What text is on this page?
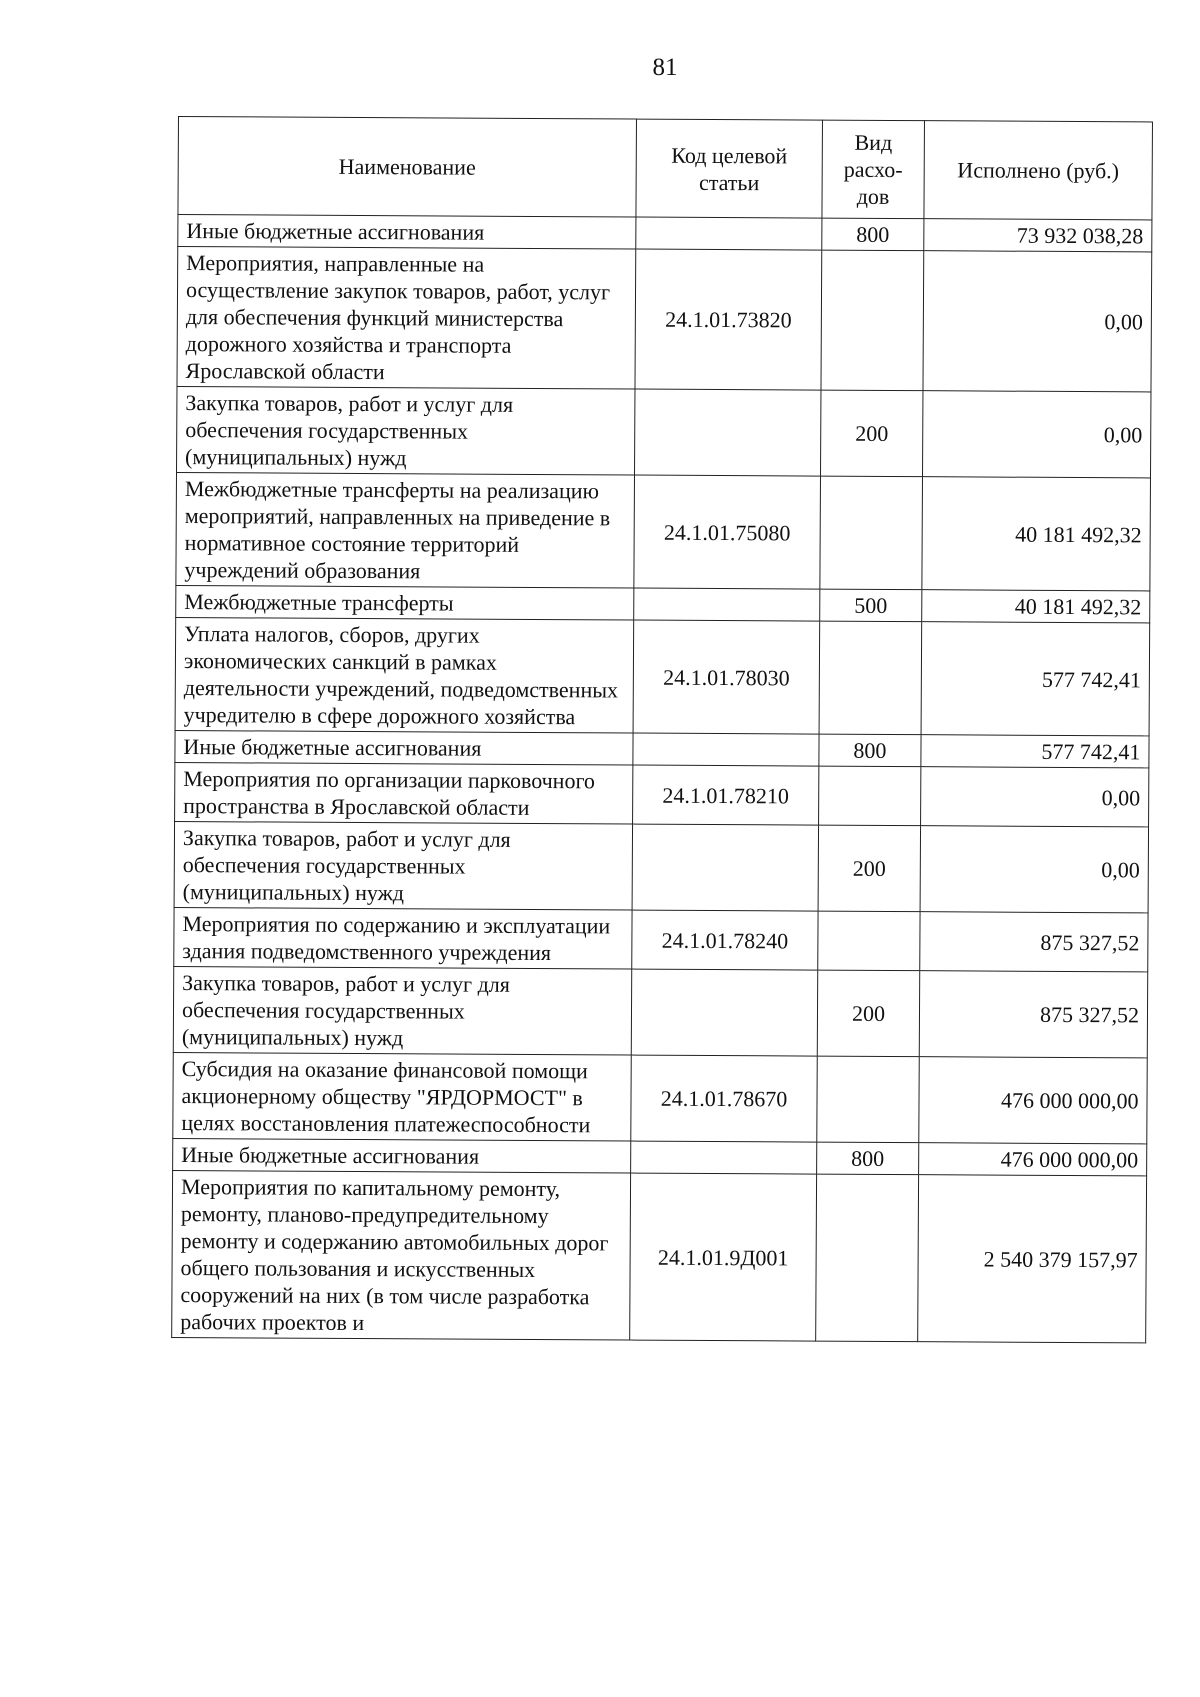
81
Наименование	Код целевой статьи	Вид расхо-дов	Исполнено (руб.)
Иные бюджетные ассигнования		800	73 932 038,28
Мероприятия, направленные на осуществление закупок товаров, работ, услуг для обеспечения функций министерства дорожного хозяйства и транспорта Ярославской области	24.1.01.73820		0,00
Закупка товаров, работ и услуг для обеспечения государственных (муниципальных) нужд		200	0,00
Межбюджетные трансферты на реализацию мероприятий, направленных на приведение в нормативное состояние территорий учреждений образования	24.1.01.75080		40 181 492,32
Межбюджетные трансферты		500	40 181 492,32
Уплата налогов, сборов, других экономических санкций в рамках деятельности учреждений, подведомственных учредителю в сфере дорожного хозяйства	24.1.01.78030		577 742,41
Иные бюджетные ассигнования		800	577 742,41
Мероприятия по организации парковочного пространства в Ярославской области	24.1.01.78210		0,00
Закупка товаров, работ и услуг для обеспечения государственных (муниципальных) нужд		200	0,00
Мероприятия по содержанию и эксплуатации здания подведомственного учреждения	24.1.01.78240		875 327,52
Закупка товаров, работ и услуг для обеспечения государственных (муниципальных) нужд		200	875 327,52
Субсидия на оказание финансовой помощи акционерному обществу "ЯРДОРМОСТ" в целях восстановления платежеспособности	24.1.01.78670		476 000 000,00
Иные бюджетные ассигнования		800	476 000 000,00
Мероприятия по капитальному ремонту, ремонту, планово-предупредительному ремонту и содержанию автомобильных дорог общего пользования и искусственных сооружений на них (в том числе разработка рабочих проектов и	24.1.01.9Д001		2 540 379 157,97
